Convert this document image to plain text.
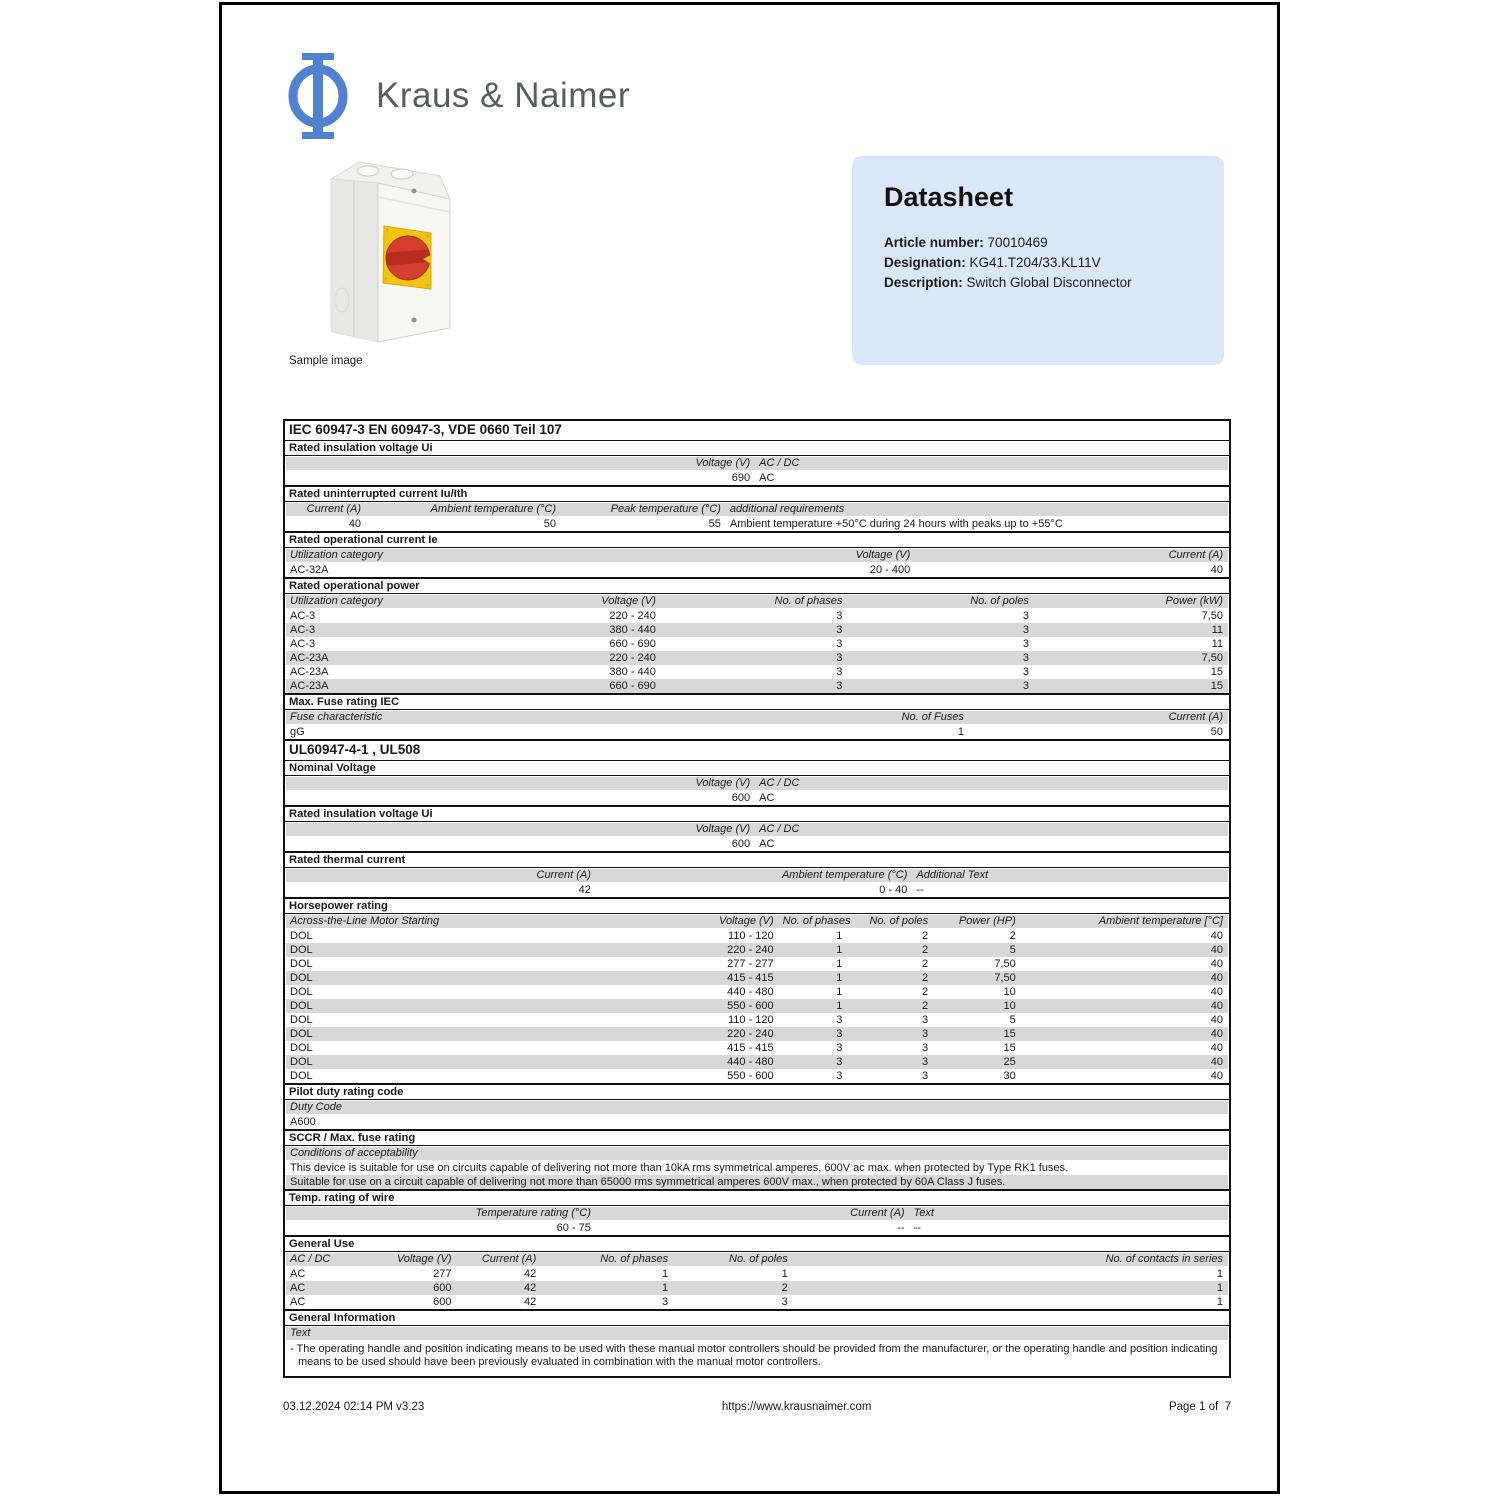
Kraus & Naimer
Sample image
Datasheet
Article number: 70010469
Designation: KG41.T204/33.KL11V
Description: Switch Global Disconnector
IEC 60947-3 EN 60947-3, VDE 0660 Teil 107
Rated insulation voltage Ui
Voltage (V) AC / DC
690 AC
Rated uninterrupted current Iu/Ith
Current (A)	Ambient temperature (°C)	Peak temperature (°C) additional requirements
40	50	55 Ambient temperature +50°C during 24 hours with peaks up to +55°C
Rated operational current Ie
Utilization category	Voltage (V)	Current (A)
AC-32A	20 - 400	40
Rated operational power
Utilization category	Voltage (V)	No. of phases	No. of poles	Power (kW)
AC-3	220 - 240	3	3	7,50
AC-3	380 - 440	3	3	11
AC-3	660 - 690	3	3	11
AC-23A	220 - 240	3	3	7,50
AC-23A	380 - 440	3	3	15
AC-23A	660 - 690	3	3	15
Max. Fuse rating IEC
Fuse characteristic	No. of Fuses	Current (A)
gG	1	50
UL60947-4-1 , UL508
Nominal Voltage
Voltage (V) AC / DC
600 AC
Rated insulation voltage Ui
Voltage (V) AC / DC
600 AC
Rated thermal current
Current (A)	Ambient temperature (°C) Additional Text
42	0 - 40 --
Horsepower rating
Across-the-Line Motor Starting	Voltage (V) No. of phases	No. of poles	Power (HP)	Ambient temperature [°C]
DOL	110 - 120	1	2	2	40
DOL	220 - 240	1	2	5	40
DOL	277 - 277	1	2	7,50	40
DOL	415 - 415	1	2	7,50	40
DOL	440 - 480	1	2	10	40
DOL	550 - 600	1	2	10	40
DOL	110 - 120	3	3	5	40
DOL	220 - 240	3	3	15	40
DOL	415 - 415	3	3	15	40
DOL	440 - 480	3	3	25	40
DOL	550 - 600	3	3	30	40
Pilot duty rating code
Duty Code
A600
SCCR / Max. fuse rating
Conditions of acceptability
This device is suitable for use on circuits capable of delivering not more than 10kA rms symmetrical amperes, 600V ac max. when protected by Type RK1 fuses.
Suitable for use on a circuit capable of delivering not more than 65000 rms symmetrical amperes 600V max., when protected by 60A Class J fuses.
Temp. rating of wire
Temperature rating (°C)	Current (A) Text
60 - 75	-- --
General Use
AC / DC	Voltage (V)	Current (A)	No. of phases	No. of poles	No. of contacts in series
AC	277	42	1	1	1
AC	600	42	1	2	1
AC	600	42	3	3	1
General Information
Text
- The operating handle and position indicating means to be used with these manual motor controllers should be provided from the manufacturer, or the operating handle and position indicating means to be used should have been previously evaluated in combination with the manual motor controllers.
03.12.2024 02:14 PM v3.23	https://www.krausnaimer.com	Page 1 of  7
